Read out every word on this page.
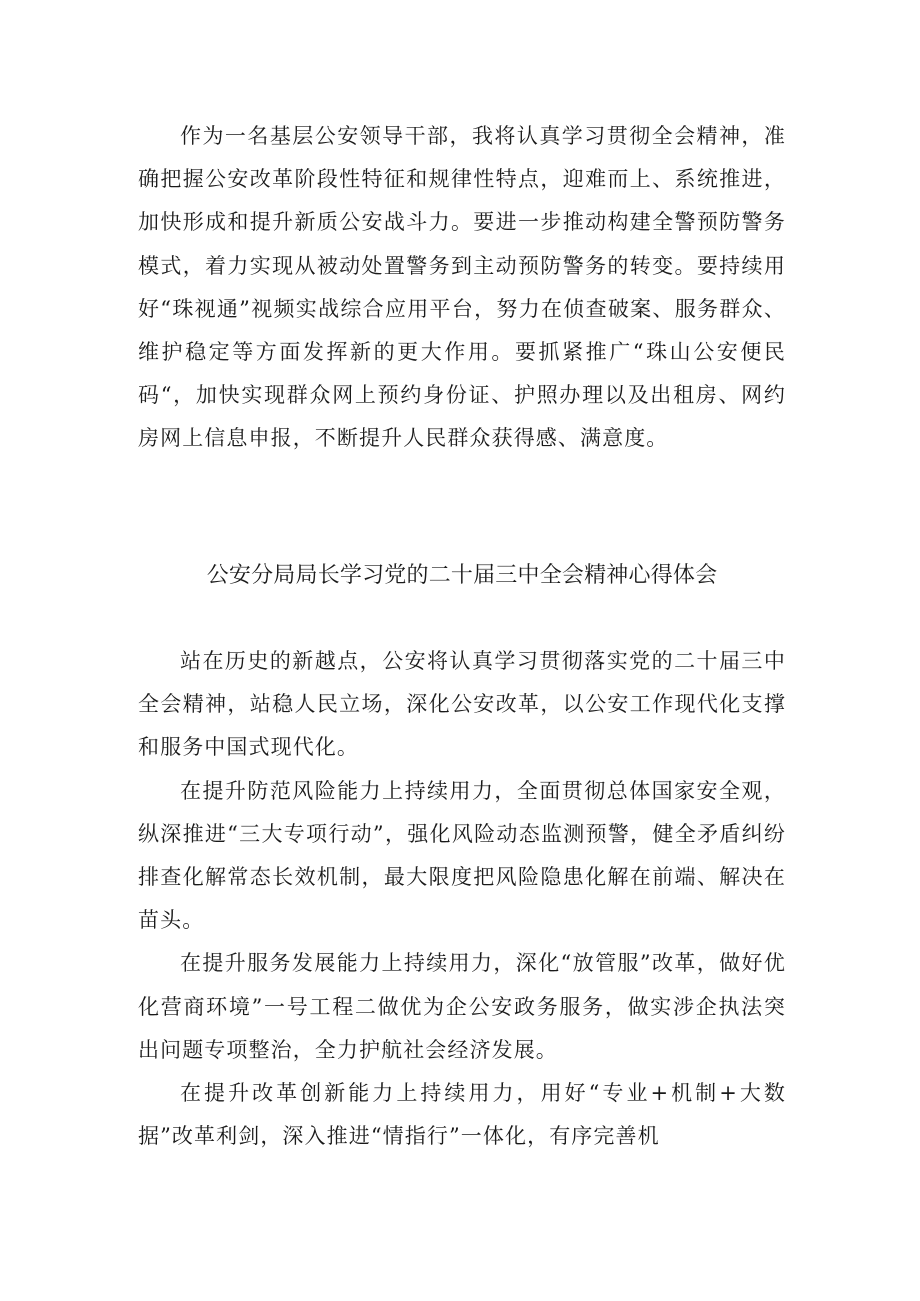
作为一名基层公安领导干部，我将认真学习贯彻全会精神，准确把握公安改革阶段性特征和规律性特点，迎难而上、系统推进，加快形成和提升新质公安战斗力。要进一步推动构建全警预防警务模式，着力实现从被动处置警务到主动预防警务的转变。要持续用好“珠视通”视频实战综合应用平台，努力在侦查破案、服务群众、维护稳定等方面发挥新的更大作用。要抓紧推广“珠山公安便民码“，加快实现群众网上预约身份证、护照办理以及出租房、网约房网上信息申报，不断提升人民群众获得感、满意度。

公安分局局长学习党的二十届三中全会精神心得体会

站在历史的新越点，公安将认真学习贯彻落实党的二十届三中全会精神，站稳人民立场，深化公安改革，以公安工作现代化支撑和服务中国式现代化。

在提升防范风险能力上持续用力，全面贯彻总体国家安全观，纵深推进“三大专项行动”，强化风险动态监测预警，健全矛盾纠纷排查化解常态长效机制，最大限度把风险隐患化解在前端、解决在苗头。

在提升服务发展能力上持续用力，深化“放管服”改革，做好优化营商环境”一号工程二做优为企公安政务服务，做实涉企执法突出问题专项整治，全力护航社会经济发展。

在提升改革创新能力上持续用力，用好“专业+机制+大数据”改革利剑，深入推进“情指行”一体化，有序完善机
